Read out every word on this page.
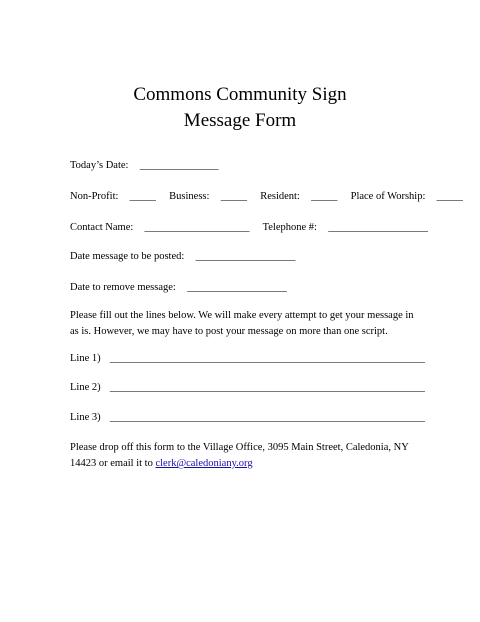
Commons Community Sign
Message Form
Today’s Date: _______________
Non-Profit: _____ Business: _____ Resident: _____ Place of Worship: _____
Contact Name: ____________________ Telephone #: ___________________
Date message to be posted: ___________________
Date to remove message: ___________________
Please fill out the lines below. We will make every attempt to get your message in as is. However, we may have to post your message on more than one script.
Line 1) ____________________________________________________________
Line 2) ____________________________________________________________
Line 3) ____________________________________________________________
Please drop off this form to the Village Office, 3095 Main Street, Caledonia, NY 14423 or email it to clerk@caledoniany.org
